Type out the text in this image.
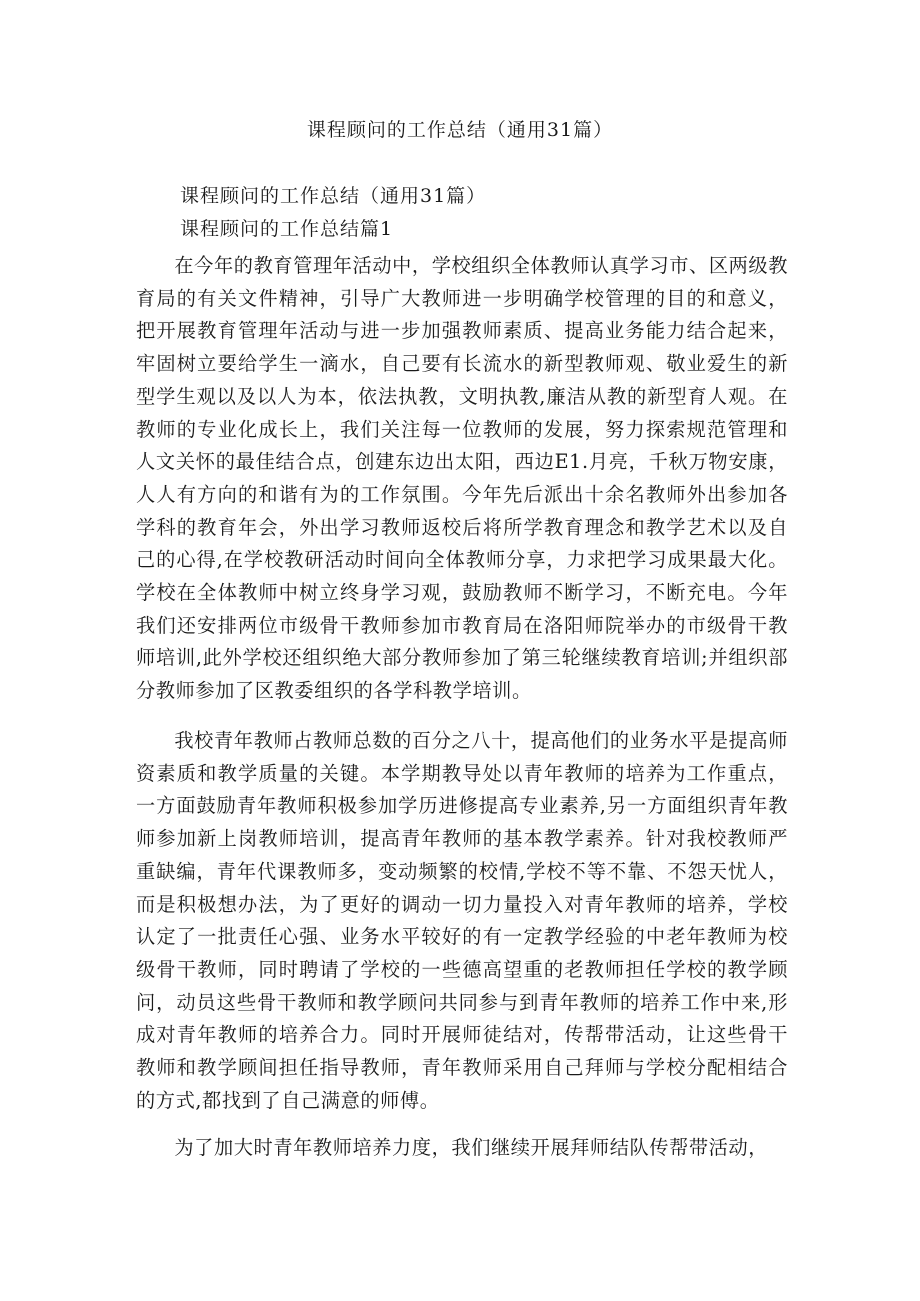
课程顾问的工作总结（通用31篇）
课程顾问的工作总结（通用31篇）
课程顾问的工作总结篇1

在今年的教育管理年活动中，学校组织全体教师认真学习市、区两级教育局的有关文件精神，引导广大教师进一步明确学校管理的目的和意义，把开展教育管理年活动与进一步加强教师素质、提高业务能力结合起来，牢固树立要给学生一滴水，自己要有长流水的新型教师观、敬业爱生的新型学生观以及以人为本，依法执教，文明执教,廉洁从教的新型育人观。在教师的专业化成长上，我们关注每一位教师的发展，努力探索规范管理和人文关怀的最佳结合点，创建东边出太阳，西边E1.月亮，千秋万物安康，人人有方向的和谐有为的工作氛围。今年先后派出十余名教师外出参加各学科的教育年会，外出学习教师返校后将所学教育理念和教学艺术以及自己的心得,在学校教研活动时间向全体教师分享，力求把学习成果最大化。学校在全体教师中树立终身学习观，鼓励教师不断学习，不断充电。今年我们还安排两位市级骨干教师参加市教育局在洛阳师院举办的市级骨干教师培训,此外学校还组织绝大部分教师参加了第三轮继续教育培训;并组织部分教师参加了区教委组织的各学科教学培训。

我校青年教师占教师总数的百分之八十，提高他们的业务水平是提高师资素质和教学质量的关键。本学期教导处以青年教师的培养为工作重点，一方面鼓励青年教师积极参加学历进修提高专业素养,另一方面组织青年教师参加新上岗教师培训，提高青年教师的基本教学素养。针对我校教师严重缺编，青年代课教师多，变动频繁的校情,学校不等不靠、不怨天忧人，而是积极想办法，为了更好的调动一切力量投入对青年教师的培养，学校认定了一批责任心强、业务水平较好的有一定教学经验的中老年教师为校级骨干教师，同时聘请了学校的一些德高望重的老教师担任学校的教学顾问，动员这些骨干教师和教学顾问共同参与到青年教师的培养工作中来,形成对青年教师的培养合力。同时开展师徒结对，传帮带活动，让这些骨干教师和教学顾间担任指导教师，青年教师采用自己拜师与学校分配相结合的方式,都找到了自己满意的师傅。

为了加大时青年教师培养力度，我们继续开展拜师结队传帮带活动，
